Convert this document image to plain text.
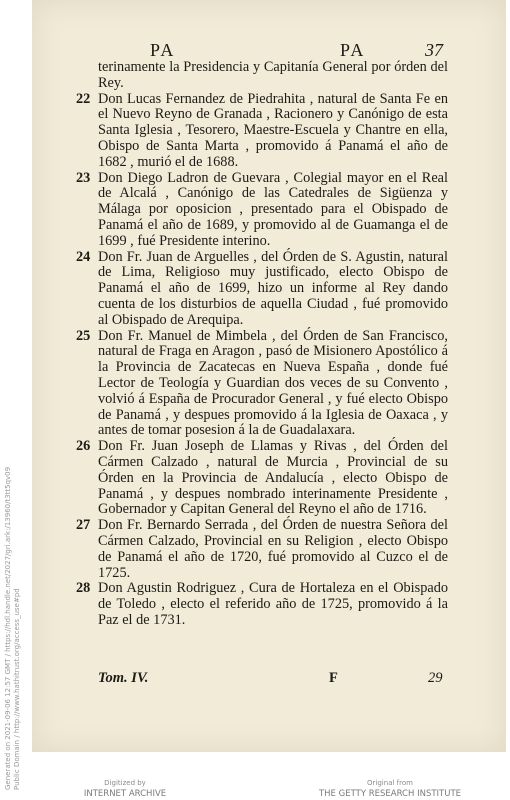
PA	PA	37
terinamente la Presidencia y Capitanía General por órden del Rey.
22 Don Lucas Fernandez de Piedrahita , natural de Santa Fe en el Nuevo Reyno de Granada , Racionero y Canónigo de esta Santa Iglesia , Tesorero, Maestre-Escuela y Chantre en ella, Obispo de Santa Marta , promovido á Panamá el año de 1682 , murió el de 1688.
23 Don Diego Ladron de Guevara , Colegial mayor en el Real de Alcalá , Canónigo de las Catedrales de Sigüenza y Málaga por oposicion , presentado para el Obispado de Panamá el año de 1689, y promovido al de Guamanga el de 1699 , fué Presidente interino.
24 Don Fr. Juan de Arguelles , del Órden de S. Agustin, natural de Lima, Religioso muy justificado, electo Obispo de Panamá el año de 1699, hizo un informe al Rey dando cuenta de los disturbios de aquella Ciudad , fué promovido al Obispado de Arequipa.
25 Don Fr. Manuel de Mimbela , del Órden de San Francisco, natural de Fraga en Aragon , pasó de Misionero Apostólico á la Provincia de Zacatecas en Nueva España , donde fué Lector de Teología y Guardian dos veces de su Convento , volvió á España de Procurador General , y fué electo Obispo de Panamá , y despues promovido á la Iglesia de Oaxaca , y antes de tomar posesion á la de Guadalaxara.
26 Don Fr. Juan Joseph de Llamas y Rivas , del Órden del Cármen Calzado , natural de Murcia , Provincial de su Órden en la Provincia de Andalucía , electo Obispo de Panamá , y despues nombrado interinamente Presidente , Gobernador y Capitan General del Reyno el año de 1716.
27 Don Fr. Bernardo Serrada , del Órden de nuestra Señora del Cármen Calzado, Provincial en su Religion , electo Obispo de Panamá el año de 1720, fué promovido al Cuzco el de 1725.
28 Don Agustin Rodriguez , Cura de Hortaleza en el Obispado de Toledo , electo el referido año de 1725, promovido á la Paz el de 1731.
Tom. IV.	F	29
Generated on 2021-09-06 12:57 GMT / https://hdl.handle.net/2027/gri.ark:/13960/t3tt5qv09 Public Domain / http://www.hathitrust.org/access_use#pd	Digitized by
INTERNET ARCHIVE
Original from
THE GETTY RESEARCH INSTITUTE
